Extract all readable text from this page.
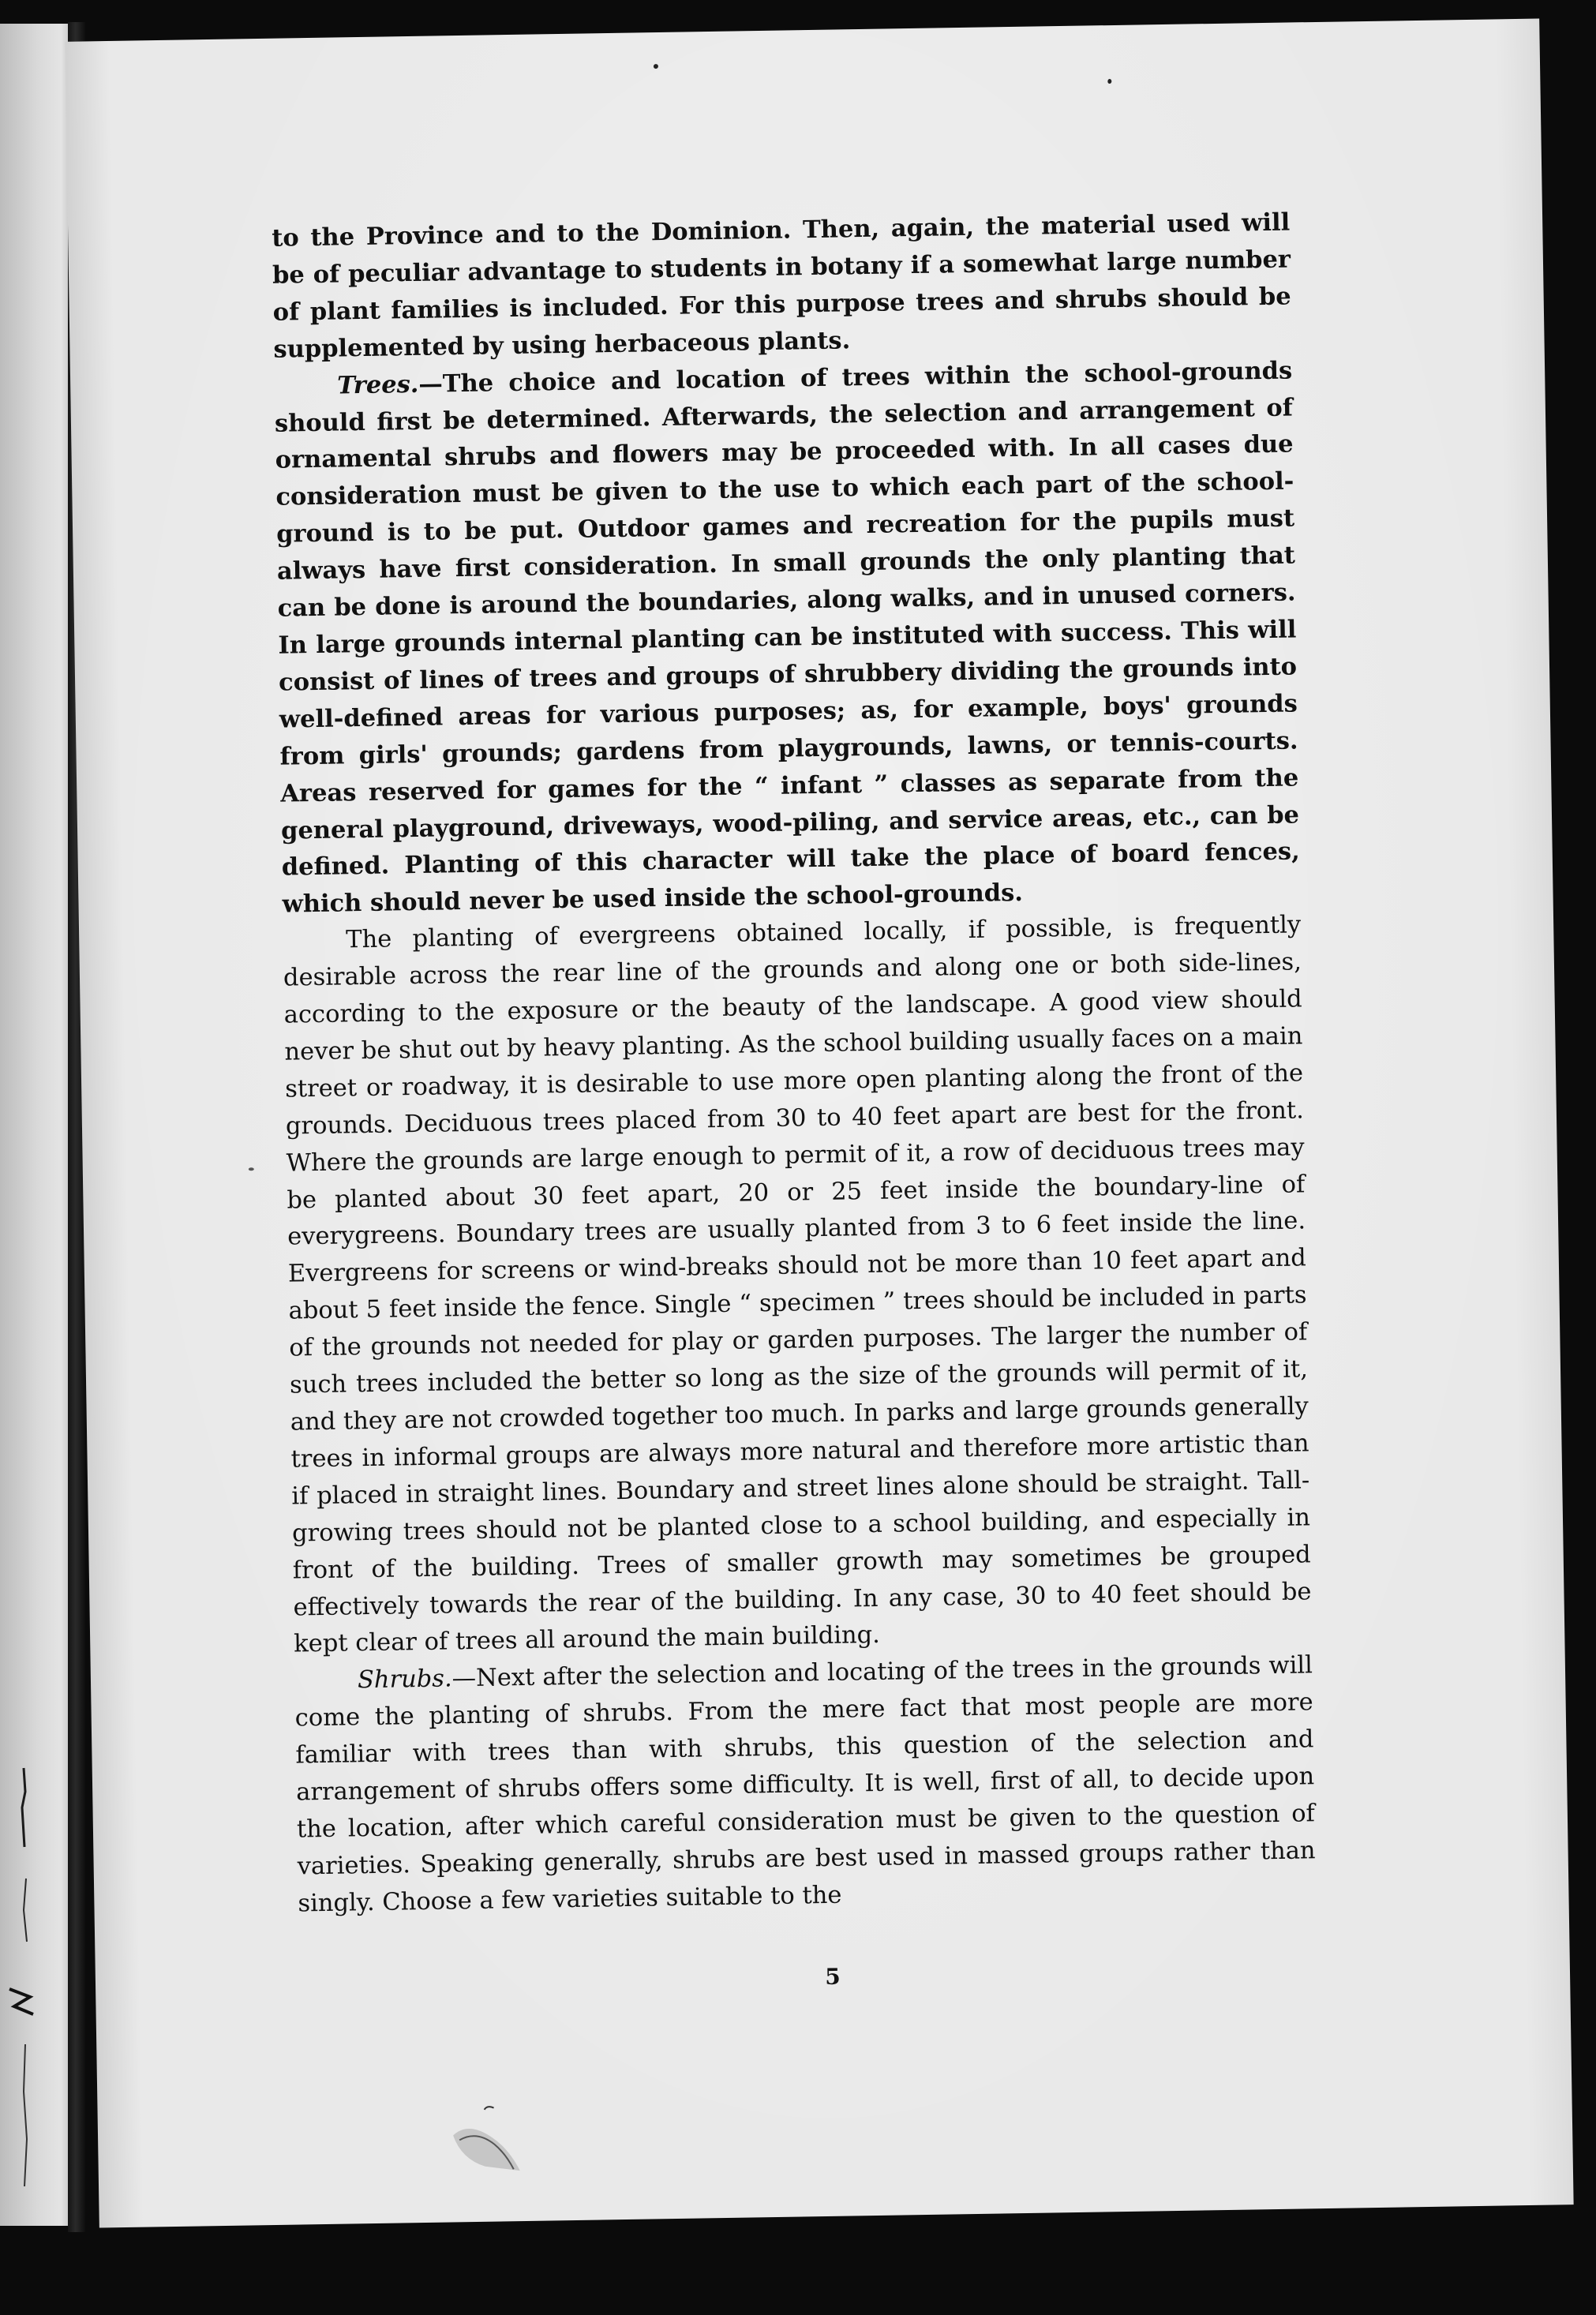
to the Province and to the Dominion. Then, again, the material used will be of peculiar advantage to students in botany if a somewhat large number of plant families is included. For this purpose trees and shrubs should be supplemented by using herbaceous plants.

Trees.—The choice and location of trees within the school-grounds should first be determined. Afterwards, the selection and arrangement of ornamental shrubs and flowers may be proceeded with. In all cases due consideration must be given to the use to which each part of the school-ground is to be put. Outdoor games and recreation for the pupils must always have first consideration. In small grounds the only planting that can be done is around the boundaries, along walks, and in unused corners. In large grounds internal planting can be instituted with success. This will consist of lines of trees and groups of shrubbery dividing the grounds into well-defined areas for various purposes; as, for example, boys' grounds from girls' grounds; gardens from playgrounds, lawns, or tennis-courts. Areas reserved for games for the “ infant ” classes as separate from the general playground, driveways, wood-piling, and service areas, etc., can be defined. Planting of this character will take the place of board fences, which should never be used inside the school-grounds.

The planting of evergreens obtained locally, if possible, is frequently desirable across the rear line of the grounds and along one or both side-lines, according to the exposure or the beauty of the landscape. A good view should never be shut out by heavy planting. As the school building usually faces on a main street or roadway, it is desirable to use more open planting along the front of the grounds. Deciduous trees placed from 30 to 40 feet apart are best for the front. Where the grounds are large enough to permit of it, a row of deciduous trees may be planted about 30 feet apart, 20 or 25 feet inside the boundary-line of everygreens. Boundary trees are usually planted from 3 to 6 feet inside the line. Evergreens for screens or wind-breaks should not be more than 10 feet apart and about 5 feet inside the fence. Single “ specimen ” trees should be included in parts of the grounds not needed for play or garden purposes. The larger the number of such trees included the better so long as the size of the grounds will permit of it, and they are not crowded together too much. In parks and large grounds generally trees in informal groups are always more natural and therefore more artistic than if placed in straight lines. Boundary and street lines alone should be straight. Tall-growing trees should not be planted close to a school building, and especially in front of the building. Trees of smaller growth may sometimes be grouped effectively towards the rear of the building. In any case, 30 to 40 feet should be kept clear of trees all around the main building.

Shrubs.—Next after the selection and locating of the trees in the grounds will come the planting of shrubs. From the mere fact that most people are more familiar with trees than with shrubs, this question of the selection and arrangement of shrubs offers some difficulty. It is well, first of all, to decide upon the location, after which careful consideration must be given to the question of varieties. Speaking generally, shrubs are best used in massed groups rather than singly. Choose a few varieties suitable to the

5
